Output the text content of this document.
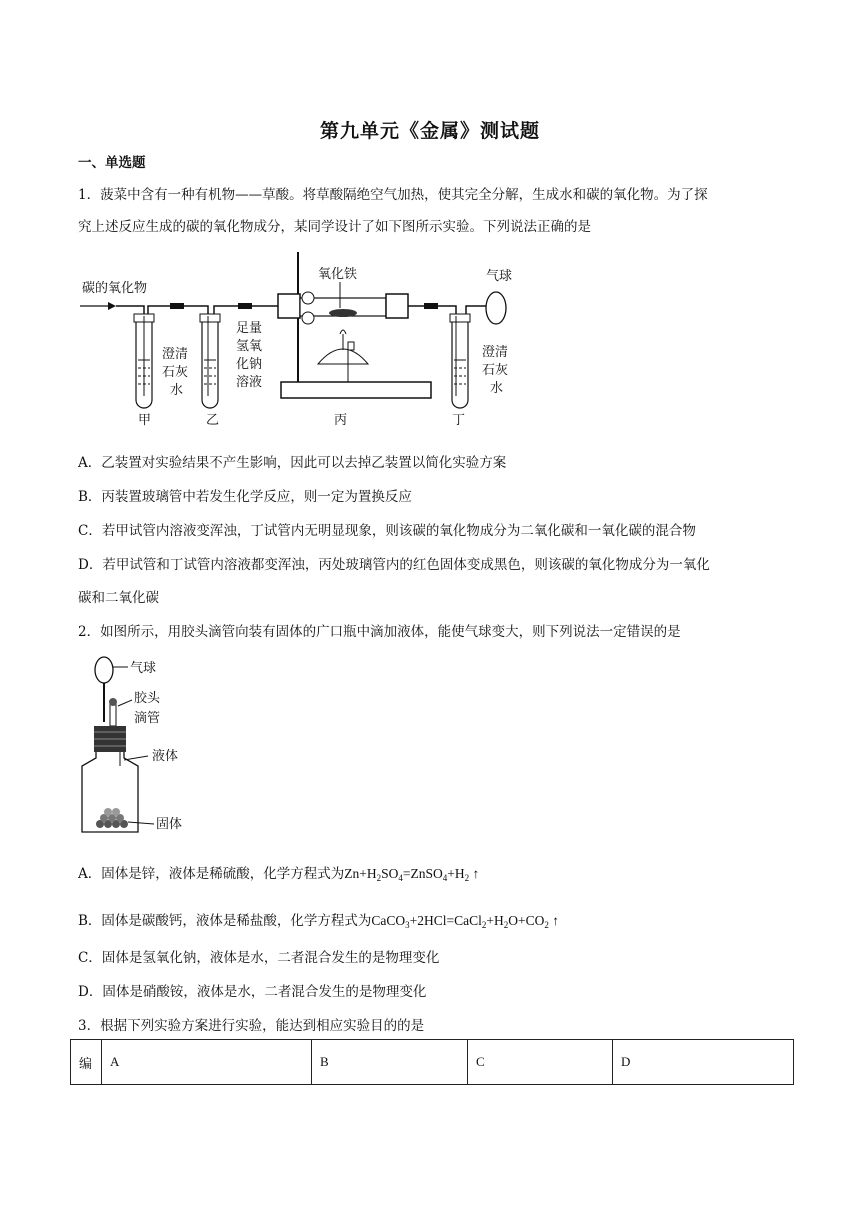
第九单元《金属》测试题
一、单选题
1．菠菜中含有一种有机物——草酸。将草酸隔绝空气加热，使其完全分解，生成水和碳的氧化物。为了探
究上述反应生成的碳的氧化物成分，某同学设计了如下图所示实验。下列说法正确的是
碳的氧化物
澄清
石灰
水
足量
氢氧
化钠
溶液
氧化铁	气球
澄清
石灰
水
甲	乙	丙	丁
A．乙装置对实验结果不产生影响，因此可以去掉乙装置以简化实验方案
B．丙装置玻璃管中若发生化学反应，则一定为置换反应
C．若甲试管内溶液变浑浊，丁试管内无明显现象，则该碳的氧化物成分为二氧化碳和一氧化碳的混合物
D．若甲试管和丁试管内溶液都变浑浊，丙处玻璃管内的红色固体变成黑色，则该碳的氧化物成分为一氧化
碳和二氧化碳
2．如图所示，用胶头滴管向装有固体的广口瓶中滴加液体，能使气球变大，则下列说法一定错误的是
气球
胶头
滴管
液体
固体
A．固体是锌，液体是稀硫酸，化学方程式为$Zn+H_2SO_4=ZnSO_4+H_2$ ↑
B．固体是碳酸钙，液体是稀盐酸，化学方程式为$CaCO_3+2HCl=CaCl_2+H_2O+CO_2$ ↑
C．固体是氢氧化钠，液体是水，二者混合发生的是物理变化
D．固体是硝酸铵，液体是水，二者混合发生的是物理变化
3．根据下列实验方案进行实验，能达到相应实验目的的是
编	A	B	C	D
